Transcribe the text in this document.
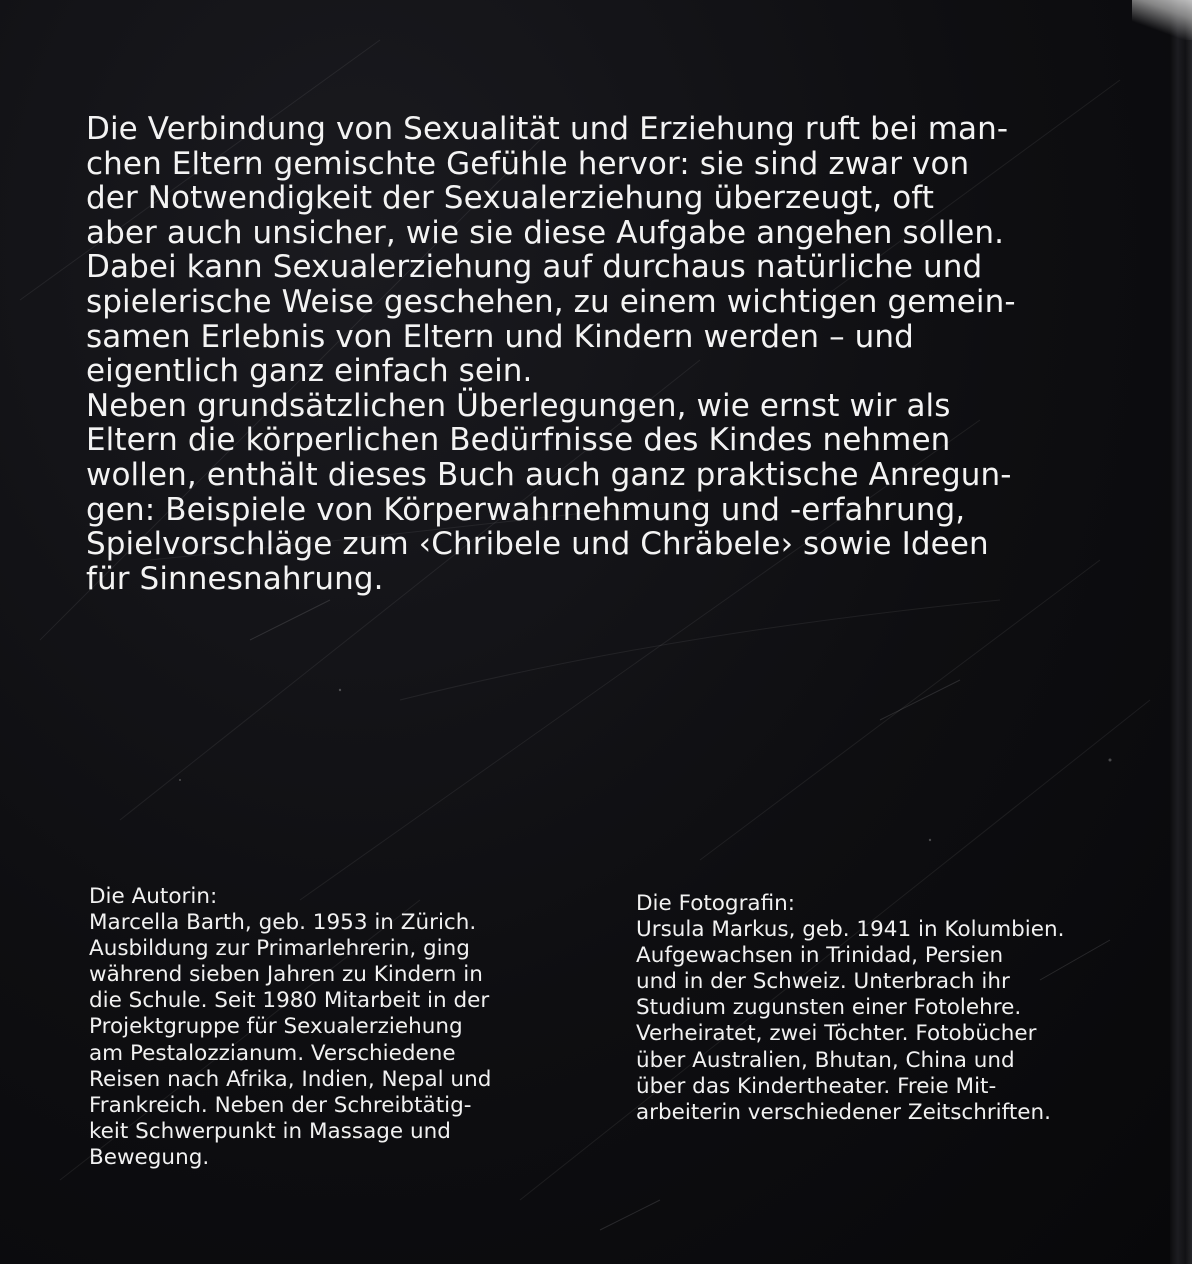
Die Verbindung von Sexualität und Erziehung ruft bei man-
chen Eltern gemischte Gefühle hervor: sie sind zwar von
der Notwendigkeit der Sexualerziehung überzeugt, oft
aber auch unsicher, wie sie diese Aufgabe angehen sollen.
Dabei kann Sexualerziehung auf durchaus natürliche und
spielerische Weise geschehen, zu einem wichtigen gemein-
samen Erlebnis von Eltern und Kindern werden – und
eigentlich ganz einfach sein.
Neben grundsätzlichen Überlegungen, wie ernst wir als
Eltern die körperlichen Bedürfnisse des Kindes nehmen
wollen, enthält dieses Buch auch ganz praktische Anregun-
gen: Beispiele von Körperwahrnehmung und -erfahrung,
Spielvorschläge zum ‹Chribele und Chräbele› sowie Ideen
für Sinnesnahrung.
Die Autorin:
Marcella Barth, geb. 1953 in Zürich.
Ausbildung zur Primarlehrerin, ging
während sieben Jahren zu Kindern in
die Schule. Seit 1980 Mitarbeit in der
Projektgruppe für Sexualerziehung
am Pestalozzianum. Verschiedene
Reisen nach Afrika, Indien, Nepal und
Frankreich. Neben der Schreibtätig-
keit Schwerpunkt in Massage und
Bewegung.
Die Fotografin:
Ursula Markus, geb. 1941 in Kolumbien.
Aufgewachsen in Trinidad, Persien
und in der Schweiz. Unterbrach ihr
Studium zugunsten einer Fotolehre.
Verheiratet, zwei Töchter. Fotobücher
über Australien, Bhutan, China und
über das Kindertheater. Freie Mit-
arbeiterin verschiedener Zeitschriften.
